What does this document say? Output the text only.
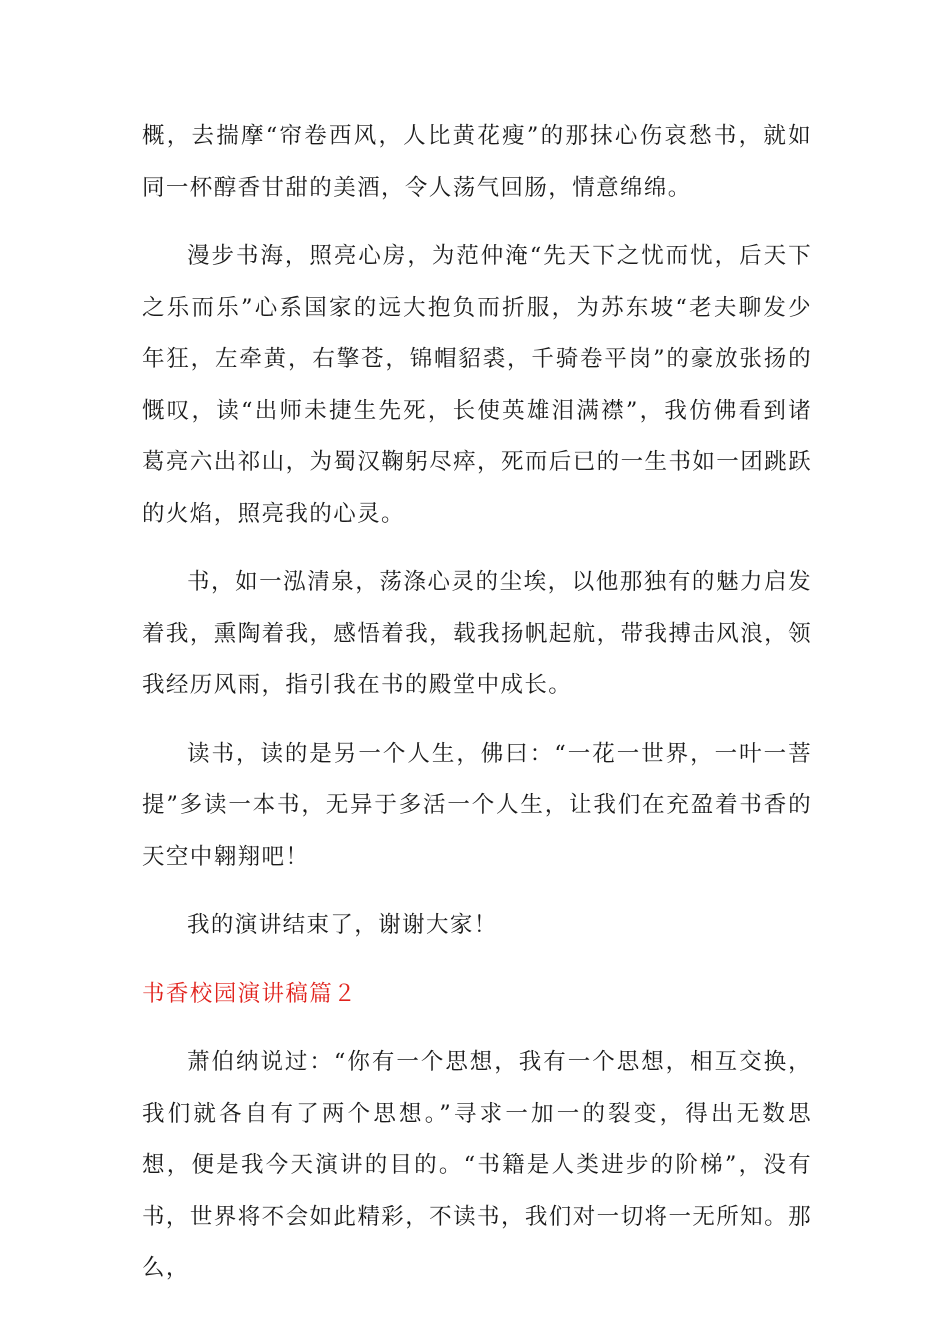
概，去揣摩“帘卷西风，人比黄花瘦”的那抹心伤哀愁书，就如同一杯醇香甘甜的美酒，令人荡气回肠，情意绵绵。

漫步书海，照亮心房，为范仲淹“先天下之忧而忧，后天下之乐而乐”心系国家的远大抱负而折服，为苏东坡“老夫聊发少年狂，左牵黄，右擎苍，锦帽貂裘，千骑卷平岗”的豪放张扬的慨叹，读“出师未捷生先死，长使英雄泪满襟”，我仿佛看到诸葛亮六出祁山，为蜀汉鞠躬尽瘁，死而后已的一生书如一团跳跃的火焰，照亮我的心灵。

书，如一泓清泉，荡涤心灵的尘埃，以他那独有的魅力启发着我，熏陶着我，感悟着我，载我扬帆起航，带我搏击风浪，领我经历风雨，指引我在书的殿堂中成长。

读书，读的是另一个人生，佛曰：“一花一世界，一叶一菩提”多读一本书，无异于多活一个人生，让我们在充盈着书香的天空中翱翔吧！

我的演讲结束了，谢谢大家！

书香校园演讲稿篇２

萧伯纳说过：“你有一个思想，我有一个思想，相互交换，我们就各自有了两个思想。”寻求一加一的裂变，得出无数思想，便是我今天演讲的目的。“书籍是人类进步的阶梯”，没有书，世界将不会如此精彩，不读书，我们对一切将一无所知。那么，
